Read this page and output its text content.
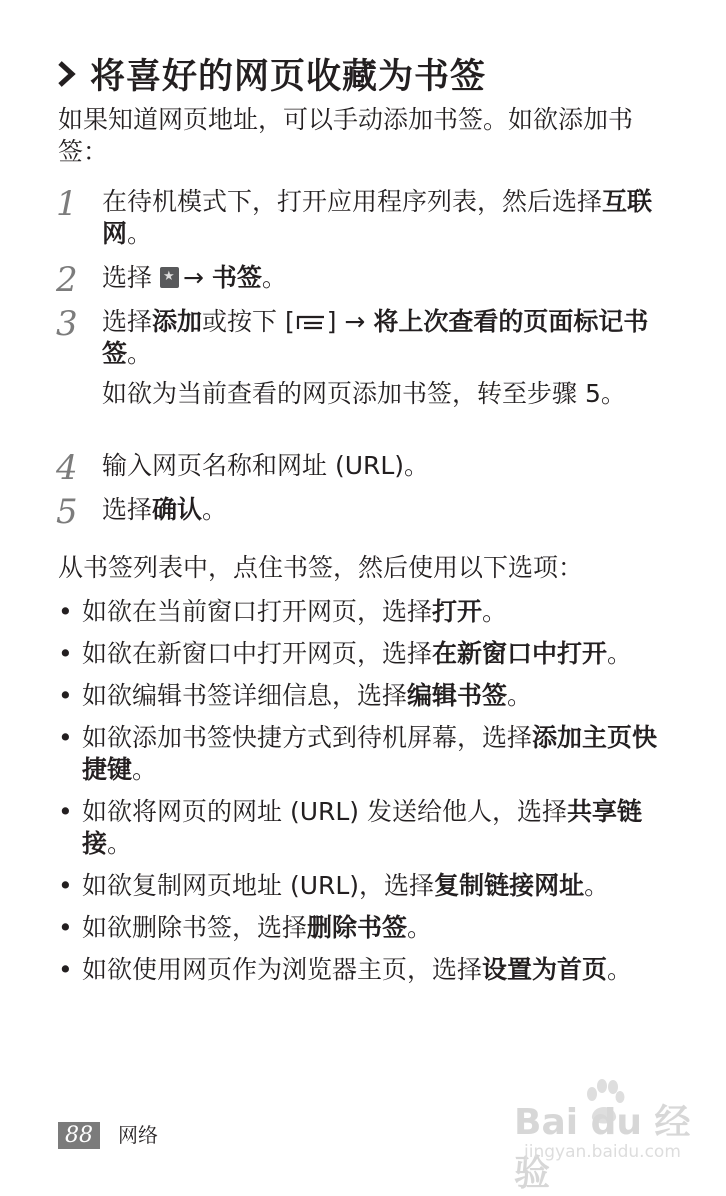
将喜好的网页收藏为书签
如果知道网页地址，可以手动添加书签。如欲添加书签：
1 在待机模式下，打开应用程序列表，然后选择互联网。
2 选择 ★→ 书签。
3 选择添加或按下 [ ] → 将上次查看的页面标记书签。
如欲为当前查看的网页添加书签，转至步骤 5。
4 输入网页名称和网址 (URL)。
5 选择确认。
从书签列表中，点住书签，然后使用以下选项：
• 如欲在当前窗口打开网页，选择打开。
• 如欲在新窗口中打开网页，选择在新窗口中打开。
• 如欲编辑书签详细信息，选择编辑书签。
• 如欲添加书签快捷方式到待机屏幕，选择添加主页快捷键。
• 如欲将网页的网址 (URL) 发送给他人，选择共享链接。
• 如欲复制网页地址 (URL)，选择复制链接网址。
• 如欲删除书签，选择删除书签。
• 如欲使用网页作为浏览器主页，选择设置为首页。
88	网络	Bai du 经验
jingyan.baidu.com
